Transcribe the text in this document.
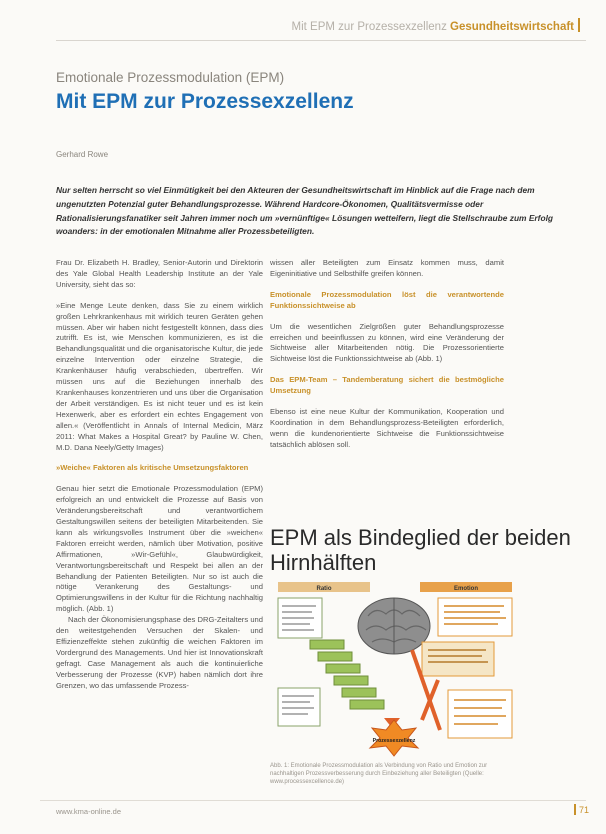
Mit EPM zur Prozessexzellenz Gesundheitswirtschaft
Emotionale Prozessmodulation (EPM)
Mit EPM zur Prozessexzellenz
Gerhard Rowe
Nur selten herrscht so viel Einmütigkeit bei den Akteuren der Gesundheitswirtschaft im Hinblick auf die Frage nach dem ungenutzten Potenzial guter Behandlungsprozesse. Während Hardcore-Ökonomen, Qualitätsvermisse oder Rationalisierungsfanatiker seit Jahren immer noch um »vernünftige« Lösungen wetteifern, liegt die Stellschraube zum Erfolg woanders: in der emotionalen Mitnahme aller Prozessbeteiligten.

Frau Dr. Elizabeth H. Bradley, Senior-Autorin und Direktorin des Yale Global Health Leadership Institute an der Yale University, sieht das so:

»Eine Menge Leute denken, dass Sie zu einem wirklich großen Lehrkrankenhaus mit wirklich teuren Geräten gehen müssen. Aber wir haben nicht festgestellt können, dass dies zutrifft. Es ist, wie Menschen kommunizieren, es ist die Behandlungsqualität und die organisatorische Kultur, die jede einzelne Intervention oder einzelne Strategie, die Krankenhäuser häufig verabschieden, übertreffen. Wir müssen uns auf die Beziehungen innerhalb des Krankenhauses konzentrieren und uns über die Organisation der Arbeit verständigen. Es ist nicht teuer und es ist kein Hexenwerk, aber es erfordert ein echtes Engagement von allen.« (Veröffentlicht in Annals of Internal Medicin, März 2011: What Makes a Hospital Great? by Pauline W. Chen, M.D. Dana Neely/Getty Images)

»Weiche« Faktoren als kritische Umsetzungsfaktoren

Genau hier setzt die Emotionale Prozessmodulation (EPM) erfolgreich an und entwickelt die Prozesse auf Basis von Veränderungsbereitschaft und verantwortlichem Gestaltungswillen seitens der beteiligten Mitarbeitenden. Sie kann als wirkungsvolles Instrument über die »weichen« Faktoren erreicht werden, nämlich über Motivation, positive Affirmationen, »Wir-Gefühl«, Glaubwürdigkeit, Verantwortungsbereitschaft und Respekt bei allen an der Behandlung der Patienten Beteiligten. Nur so ist auch die nötige Verankerung des Gestaltungs- und Optimierungswillens in der Kultur für die Richtung nachhaltig möglich. (Abb. 1)

Nach der Ökonomisierungsphase des DRG-Zeitalters und den weitestgehenden Versuchen der Skalen- und Effizienzeffekte stehen zukünftig die weichen Faktoren im Vordergrund des Managements. Und hier ist Innovationskraft gefragt. Case Management als auch die kontinuierliche Verbesserung der Prozesse (KVP) haben nämlich dort ihre Grenzen, wo das umfassende Prozess-

wissen aller Beteiligten zum Einsatz kommen muss, damit Eigeninitiative und Selbsthilfe greifen können.

Emotionale Prozessmodulation löst die verantwortende Funktionssichtweise ab

Um die wesentlichen Zielgrößen guter Behandlungsprozesse erreichen und beeinflussen zu können, wird eine Veränderung der Sichtweise aller Mitarbeitenden nötig. Die Prozessorientierte Sichtweise löst die Funktionssichtweise ab (Abb. 1)

Das EPM-Team – Tandemberatung sichert die bestmögliche Umsetzung

Ebenso ist eine neue Kultur der Kommunikation, Kooperation und Koordination in dem Behandlungsprozess-Beteiligten erforderlich, wenn die kundenorientierte Sichtweise die Funktionssichtweise tatsächlich ablösen soll.

EPM als Bindeglied der beiden Hirnhälften
Ratio	Emotion
Prozessexzellenz
Abb. 1: Emotionale Prozessmodulation als Verbindung von Ratio und Emotion zur nachhaltigen Prozessverbesserung durch Einbeziehung aller Beteiligten (Quelle: www.processexcellence.de)
www.kma-online.de	71
